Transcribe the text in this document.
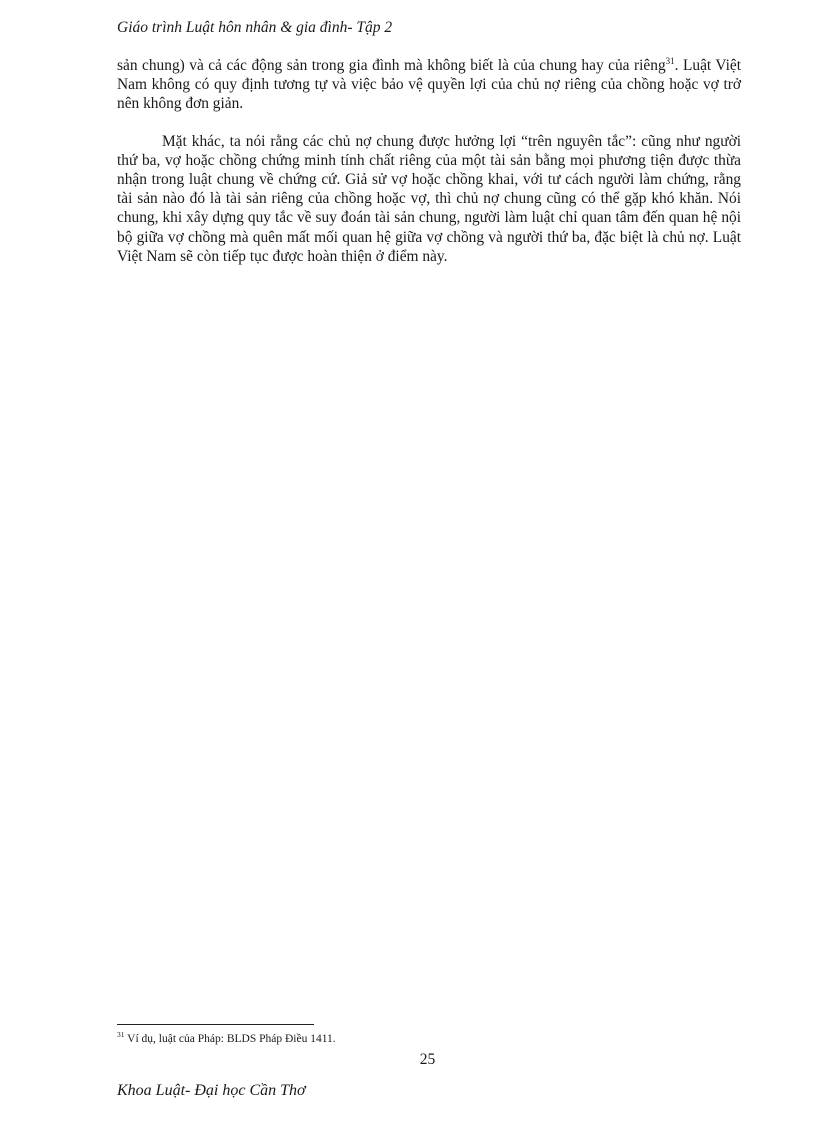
Giáo trình Luật hôn nhân & gia đình- Tập 2

sản chung) và cả các động sản trong gia đình mà không biết là của chung hay của riêng$^{31}$. Luật Việt Nam không có quy định tương tự và việc bảo vệ quyền lợi của chủ nợ riêng của chồng hoặc vợ trở nên không đơn giản.

Mặt khác, ta nói rằng các chủ nợ chung được hưởng lợi “trên nguyên tắc”: cũng như người thứ ba, vợ hoặc chồng chứng minh tính chất riêng của một tài sản bằng mọi phương tiện được thừa nhận trong luật chung về chứng cứ. Giả sử vợ hoặc chồng khai, với tư cách người làm chứng, rằng tài sản nào đó là tài sản riêng của chồng hoặc vợ, thì chủ nợ chung cũng có thể gặp khó khăn. Nói chung, khi xây dựng quy tắc về suy đoán tài sản chung, người làm luật chỉ quan tâm đến quan hệ nội bộ giữa vợ chồng mà quên mất mối quan hệ giữa vợ chồng và người thứ ba, đặc biệt là chủ nợ. Luật Việt Nam sẽ còn tiếp tục được hoàn thiện ở điểm này.

$^{31}$ Ví dụ, luật của Pháp: BLDS Pháp Điều 1411.
25
Khoa Luật- Đại học Cần Thơ
